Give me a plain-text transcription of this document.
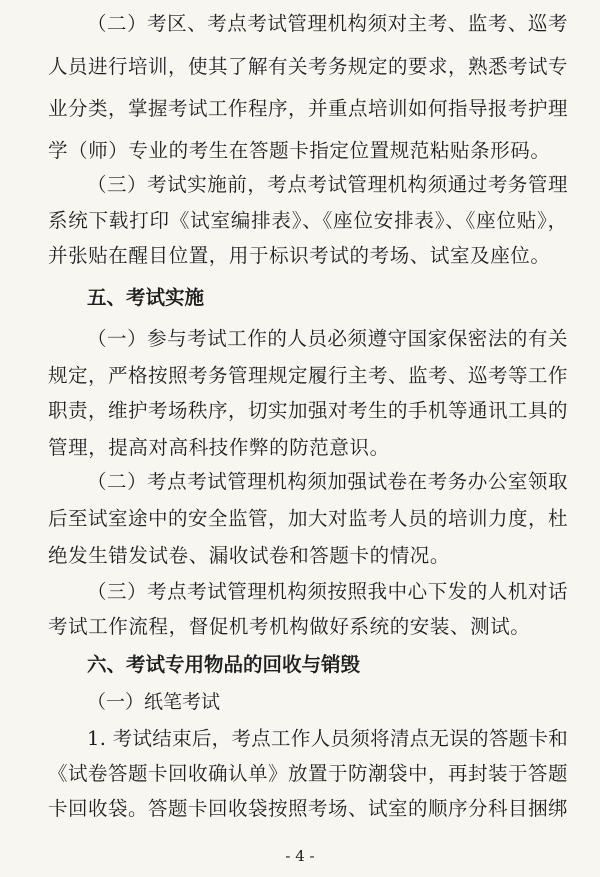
（二）考区、考点考试管理机构须对主考、监考、巡考
人员进行培训，使其了解有关考务规定的要求，熟悉考试专
业分类，掌握考试工作程序，并重点培训如何指导报考护理
学（师）专业的考生在答题卡指定位置规范粘贴条形码。
（三）考试实施前，考点考试管理机构须通过考务管理
系统下载打印《试室编排表》、《座位安排表》、《座位贴》，
并张贴在醒目位置，用于标识考试的考场、试室及座位。
五、考试实施
（一）参与考试工作的人员必须遵守国家保密法的有关
规定，严格按照考务管理规定履行主考、监考、巡考等工作
职责，维护考场秩序，切实加强对考生的手机等通讯工具的
管理，提高对高科技作弊的防范意识。
（二）考点考试管理机构须加强试卷在考务办公室领取
后至试室途中的安全监管，加大对监考人员的培训力度，杜
绝发生错发试卷、漏收试卷和答题卡的情况。
（三）考点考试管理机构须按照我中心下发的人机对话
考试工作流程，督促机考机构做好系统的安装、测试。
六、考试专用物品的回收与销毁
（一）纸笔考试
1. 考试结束后，考点工作人员须将清点无误的答题卡和
《试卷答题卡回收确认单》放置于防潮袋中，再封装于答题
卡回收袋。答题卡回收袋按照考场、试室的顺序分科目捆绑
- 4 -
